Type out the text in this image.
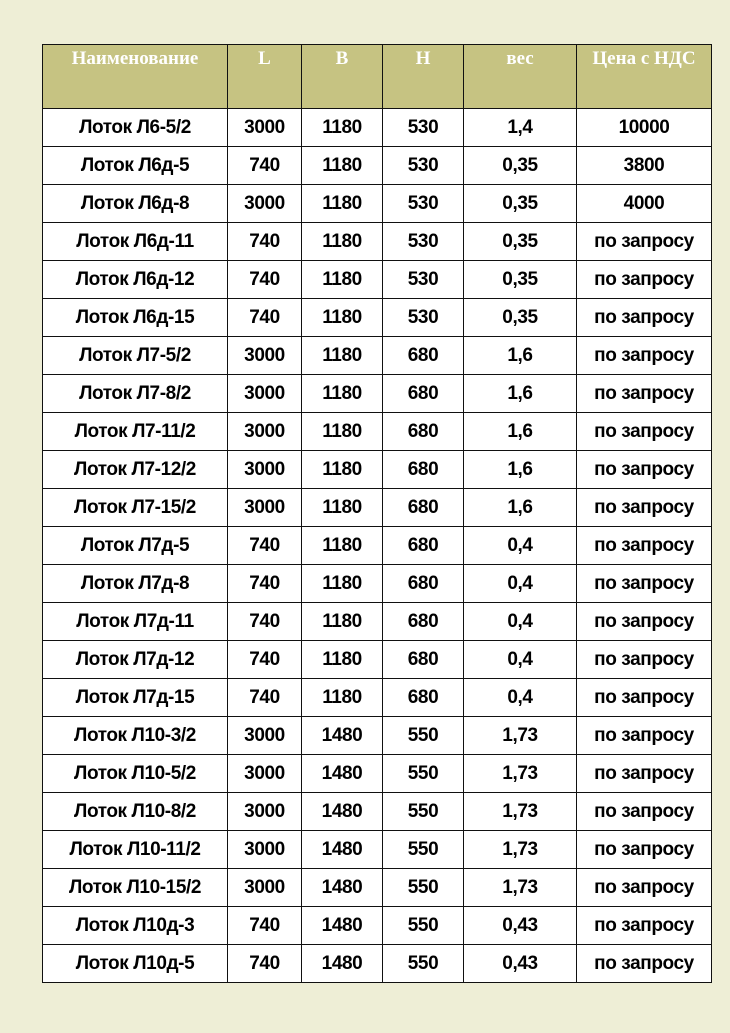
Наименование	L	B	H	вес	Цена с НДС
Лоток Л6-5/2	3000	1180	530	1,4	10000
Лоток Л6д-5	740	1180	530	0,35	3800
Лоток Л6д-8	3000	1180	530	0,35	4000
Лоток Л6д-11	740	1180	530	0,35	по запросу
Лоток Л6д-12	740	1180	530	0,35	по запросу
Лоток Л6д-15	740	1180	530	0,35	по запросу
Лоток Л7-5/2	3000	1180	680	1,6	по запросу
Лоток Л7-8/2	3000	1180	680	1,6	по запросу
Лоток Л7-11/2	3000	1180	680	1,6	по запросу
Лоток Л7-12/2	3000	1180	680	1,6	по запросу
Лоток Л7-15/2	3000	1180	680	1,6	по запросу
Лоток Л7д-5	740	1180	680	0,4	по запросу
Лоток Л7д-8	740	1180	680	0,4	по запросу
Лоток Л7д-11	740	1180	680	0,4	по запросу
Лоток Л7д-12	740	1180	680	0,4	по запросу
Лоток Л7д-15	740	1180	680	0,4	по запросу
Лоток Л10-3/2	3000	1480	550	1,73	по запросу
Лоток Л10-5/2	3000	1480	550	1,73	по запросу
Лоток Л10-8/2	3000	1480	550	1,73	по запросу
Лоток Л10-11/2	3000	1480	550	1,73	по запросу
Лоток Л10-15/2	3000	1480	550	1,73	по запросу
Лоток Л10д-3	740	1480	550	0,43	по запросу
Лоток Л10д-5	740	1480	550	0,43	по запросу
